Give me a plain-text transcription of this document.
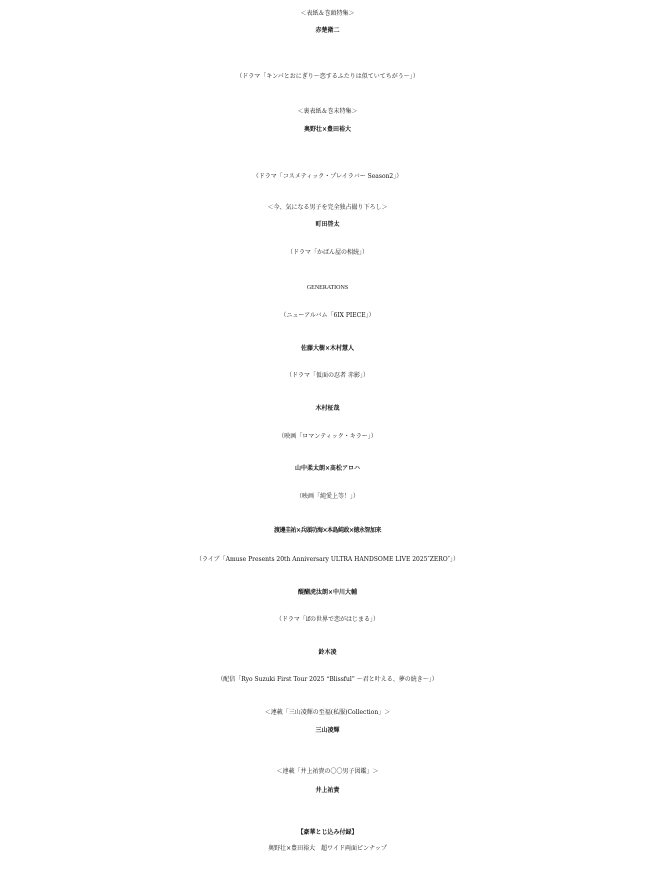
＜表紙＆巻頭特集＞
赤楚衛二
（ドラマ「キンパとおにぎり～恋するふたりは似ていてちがう～」）
＜裏表紙＆巻末特集＞
奥野壮×豊田裕大
（ドラマ「コスメティック・プレイラバー Season2」）
＜今、気になる男子を完全独占撮り下ろし＞
町田啓太
（ドラマ「かばん屋の相続」）
GENERATIONS
（ニューアルバム「6IX PIECE」）
佐藤大樹×木村慧人
（ドラマ「仮面の忍者 赤影」）
木村柾哉
（映画「ロマンティック・キラー」）
山中柔太朗×髙松アロハ
（映画「純愛上等！」）
渡邊圭祐×兵頭功海×本島純政×徳永智加来
（ライブ「Amuse Presents 20th Anniversary ULTRA HANDSOME LIVE 2025″ZERO″」）
醍醐虎汰朗×中川大輔
（ドラマ「ifの世界で恋がはじまる」）
鈴木凌
（配信「Ryo Suzuki First Tour 2025 “Blissful” ～君と叶える、夢の続き～」）
＜連載「三山凌輝の至福(私服)Collection」＞
三山凌輝
＜連載「井上祐貴の〇〇男子図鑑」＞
井上祐貴
【豪華とじ込み付録】
奥野壮×豊田裕大　超ワイド両面ピンナップ
